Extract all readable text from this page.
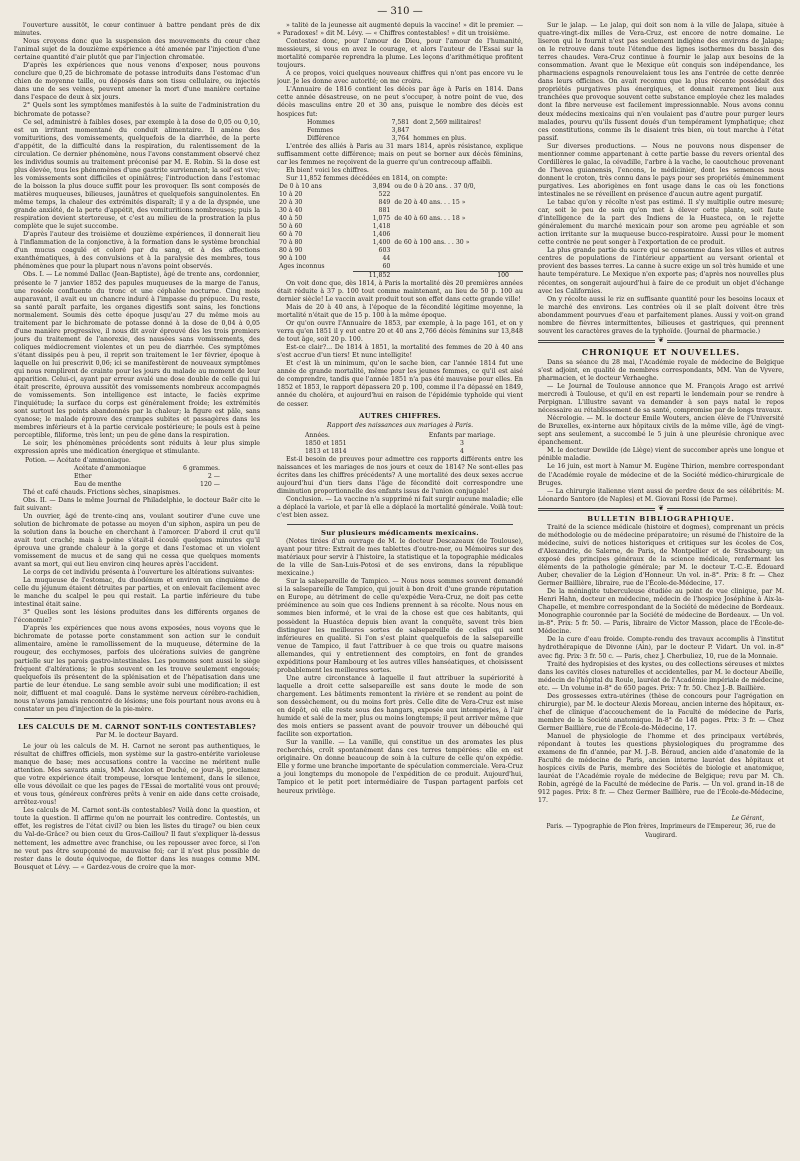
— 310 —

l'ouverture aussitôt, le cœur continuer à battre pendant près de dix minutes.

Nous croyons donc que la suspension des mouvements du cœur chez l'animal sujet de la douzième expérience a été amenée par l'injection d'une certaine quantité d'air plutôt que par l'injection chromatée.

D'après les expériences que nous venons d'exposer, nous pouvons conclure que 0,25 de bichromate de potasse introduits dans l'estomac d'un chien de moyenne taille, ou déposés dans son tissu cellulaire, ou injectés dans une de ses veines, peuvent amener la mort d'une manière certaine dans l'espace de deux à six jours.

2° Quels sont les symptômes manifestés à la suite de l'administration du bichromate de potasse?

Ce sel, administré à faibles doses, par exemple à la dose de 0,05 ou 0,10, est un irritant momentané du conduit alimentaire. Il amène des vomituritions, des vomissements, quelquefois de la diarrhée, de la perte d'appétit, de la difficulté dans la respiration, du ralentissement de la circulation. Ce dernier phénomène, nous l'avons constamment observé chez les individus soumis au traitement préconisé par M. E. Robin. Si la dose est plus élevée, tous les phénomènes d'une gastrite surviennent; la soif est vive; les vomissements sont difficiles et opiniâtres; l'introduction dans l'estomac de la boisson la plus douce suffit pour les provoquer. Ils sont composés de matières muqueuses, bilieuses, jaunâtres et quelquefois sanguinolentes. En même temps, la chaleur des extrémités disparaît; il y a de la dyspnée, une grande anxiété, de la perte d'appétit, des vomituritions nombreuses; puis la respiration devient stertoreuse, et c'est au milieu de la prostration la plus complète que le sujet succombe.

D'après l'auteur des troisième et douzième expériences, il donnerait lieu à l'inflammation de la conjonctive, à la formation dans le système bronchial d'un mucus coagulé et coloré par du sang, et à des affections exanthématiques, à des convulsions et à la paralysie des membres, tous phénomènes que pour la plupart nous n'avons point observés.

Obs. I. — Le nommé Dallac (Jean-Baptiste), âgé de trente ans, cordonnier, présente le 7 janvier 1852 des papules muqueuses de la marge de l'anus, une roséole confluente du tronc et une céphalée nocturne. Cinq mois auparavant, il avait eu un chancre induré à l'impasse du prépuce. Du reste, sa santé paraît parfaite, les organes digestifs sont sains, les fonctions normalement. Soumis dès cette époque jusqu'au 27 du même mois au traitement par le bichromate de potasse donné à la dose de 0,04 à 0,05 d'une manière progressive, il nous dit avoir éprouvé dès les trois premiers jours du traitement de l'anorexie, des nausées sans vomissements, des coliques médiocrement violentes et un peu de diarrhée. Ces symptômes s'étant dissipés peu à peu, il reprit son traitement le 1er février, époque à laquelle on lui prescrivit 0,06; ici se manifestèrent de nouveaux symptômes qui nous remplirent de crainte pour les jours du malade au moment de leur apparition. Celui-ci, ayant par erreur avalé une dose double de celle qui lui était prescrite, éprouva aussitôt des vomissements nombreux accompagnés de vomissements. Son intelligence est intacte, le faciès exprime l'inquiétude; la surface du corps est généralement froide; les extrémités sont surtout les points abandonnés par la chaleur; la figure est pâle, sans cyanose; le malade éprouve des crampes subites et passagères dans les membres inférieurs et à la partie cervicale postérieure; le pouls est à peine perceptible, filiforme, très lent; un peu de gêne dans la respiration.

Le soir, les phénomènes précédents sont réduits à leur plus simple expression après une médication énergique et stimulante.

Potion. — Acétate d'ammoniaque.	
Acétate d'ammoniaque	6 grammes.
Ether	2 —
Eau de menthe	120 —

Thé et café chauds. Frictions sèches, sinapismes.

Obs. II. — Dans le même Journal de Philadelphie, le docteur Baër cite le fait suivant:

Un ouvrier, âgé de trente-cinq ans, voulant soutirer d'une cuve une solution de bichromate de potasse au moyen d'un siphon, aspira un peu de la solution dans la bouche en cherchant à l'amorcer. D'abord il crut qu'il avait tout craché; mais à peine s'était-il écoulé quelques minutes qu'il éprouva une grande chaleur à la gorge et dans l'estomac et un violent vomissement de mucus et de sang qui ne cessa que quelques moments avant sa mort, qui eut lieu environ cinq heures après l'accident.

Le corps de cet individu présenta à l'ouverture les altérations suivantes:

La muqueuse de l'estomac, du duodénum et environ un cinquième de celle du jéjunum étaient détruites par parties, et on enlevait facilement avec le manche du scalpel le peu qui restait. La partie inférieure du tube intestinal était saine.

3° Quelles sont les lésions produites dans les différents organes de l'économie?

D'après les expériences que nous avons exposées, nous voyons que le bichromate de potasse porte constamment son action sur le conduit alimentaire, amène le ramollissement de la muqueuse, détermine de la rougeur, des ecchymoses, parfois des ulcérations suivies de gangrène partielle sur les parois gastro-intestinales. Les poumons sont aussi le siège fréquent d'altérations; le plus souvent on les trouve seulement engoués; quelquefois ils présentent de la splénisation et de l'hépatisation dans une partie de leur étendue. Le sang semble avoir subi une modification; il est noir, diffluent et mal coagulé. Dans le système nerveux cérébro-rachidien, nous n'avons jamais rencontré de lésions; une fois pourtant nous avons eu à constater un peu d'injection de la pie-mère.

LES CALCULS DE M. CARNOT SONT-ILS CONTESTABLES?
Par M. le docteur Bayard.

Le jour où les calculs de M. H. Carnot ne seront pas authentiques, le résultat de chiffres officiels, mon système sur la gastro-entérite varioleuse manque de base; mes accusations contre la vaccine ne méritent nulle attention. Mes savants amis, MM. Ancelon et Duché, ce jour-là, proclamez que votre expérience était trompeuse, lorsque lentement, dans le silence, elle vous dévoilait ce que les pages de l'Essai de mortalité vous ont prouvé; et vous tous, généreux confrères prêts à venir en aide dans cette croisade, arrêtez-vous!

Les calculs de M. Carnot sont-ils contestables? Voilà donc la question, et toute la question. Il affirme qu'on ne pourrait les contredire. Contestés, un effet, les registres de l'état civil? ou bien les listes du tirage? ou bien ceux du Val-de-Grâce? ou bien ceux du Gros-Caillou? Il faut s'expliquer là-dessus nettement, les admettre avec franchise, ou les repousser avec force, si l'on ne veut pas être soupçonné de mauvaise foi; car il n'est plus possible de rester dans le doute équivoque, de flotter dans les nuages comme MM. Bousquet et Lévy. — « Gardez-vous de croire que la mor-

» talité de la jeunesse ait augmenté depuis la vaccine! » dit le premier. — « Paradoxes! » dit M. Lévy. — « Chiffres contestables! » dit un troisième.

Contestez donc, pour l'amour de Dieu, pour l'amour de l'humanité, messieurs, si vous en avez le courage, et alors l'auteur de l'Essai sur la mortalité comparée reprendra la plume. Les leçons d'arithmétique profitent toujours.

A ce propos, voici quelques nouveaux chiffres qui n'ont pas encore vu le jour. Je les donne avec autorité; on me croira.

L'Annuaire de 1816 contient les décès par âge à Paris en 1814. Dans cette année désastreuse, on ne peut s'occuper, à notre point de vue, des décès masculins entre 20 et 30 ans, puisque le nombre des décès est hospices fut:

Hommes	7,581	dont 2,569 militaires!
Femmes	3,847	
Différence	3,764	hommes en plus.

L'entrée des alliés à Paris au 31 mars 1814, après résistance, explique suffisamment cette différence; mais on peut se borner aux décès féminins, car les femmes ne reçoivent de la guerre qu'un contrecoup affaibli.

Eh bien! voici les chiffres.

Sur 11,852 femmes décédées en 1814, on compte:

De 0 à 10 ans	3,894	ou de 0 à 20 ans. . 37 0/0,
10 à 20	522	
20 à 30	849	de 20 à 40 ans. . . 15 »
30 à 40	881	
40 à 50	1,075	de 40 à 60 ans. . . 18 »
50 à 60	1,418	
60 à 70	1,406	
70 à 80	1,400	de 60 à 100 ans. . . 30 »
80 à 90	603	
90 à 100	44	
Ages inconnus	60	
	11,852	100

On voit donc que, dès 1814, à Paris la mortalité dès 20 premières années était réduite à 37 p. 100 tout comme maintenant, au lieu de 50 p. 100 au dernier siècle! Le vaccin avait produit tout son effet dans cette grande ville!

Mais de 20 à 40 ans, à l'époque de la fécondité légitime moyenne, la mortalité n'était que de 15 p. 100 à la même époque.

Or qu'on ouvre l'Annuaire de 1853, par exemple, à la page 161, et on y verra qu'en 1851 il y eut entre 20 et 40 ans 2,766 décès féminins sur 13,848 de tout âge, soit 20 p. 100.

Est-ce clair?... De 1814 à 1851, la mortalité des femmes de 20 à 40 ans s'est accrue d'un tiers! Et nunc intelligite!

Et c'est là un minimum, qu'on le sache bien, car l'année 1814 fut une année de grande mortalité, même pour les jeunes femmes, ce qu'il est aisé de comprendre, tandis que l'année 1851 n'a pas été mauvaise pour elles. En 1852 et 1853, le rapport dépassera 20 p. 100, comme il l'a dépassé en 1849, année du choléra, et aujourd'hui en raison de l'épidémie typhoïde qui vient de cesser.

AUTRES CHIFFRES.
Rapport des naissances aux mariages à Paris.
Années.	Enfants par mariage.
1850 et 1851	3
1813 et 1814	4

Est-il besoin de preuves pour admettre ces rapports différents entre les naissances et les mariages de nos jours et ceux de 1814? Ne sont-elles pas écrites dans les chiffres précédents? A une mortalité des deux sexes accrue aujourd'hui d'un tiers dans l'âge de fécondité doit correspondre une diminution proportionnelle des enfants issus de l'union conjugale!

Conclusion. — La vaccine n'a supprimé ni fait surgir aucune maladie; elle a déplacé la variole, et par là elle a déplacé la mortalité générale. Voilà tout: c'est bien assez.

Sur plusieurs médicaments mexicains.

(Notes tirées d'un ouvrage de M. le docteur Descazeaux (de Toulouse), ayant pour titre: Extrait de mes tablettes d'outre-mer, ou Mémoires sur des matériaux pour servir à l'histoire, la statistique et la topographie médicales de la ville de San-Luis-Potosi et de ses environs, dans la république mexicaine.)

Sur la salsepareille de Tampico. — Nous nous sommes souvent demandé si la salsepareille de Tampico, qui jouit à bon droit d'une grande réputation en Europe, au détriment de celle qu'expédie Vera-Cruz, ne doit pas cette prééminence au soin que ces Indiens prennent à sa récolte. Nous nous en sommes bien informé, et le vrai de la chose est que ces habitants, qui possèdent la Huastéca depuis bien avant la conquête, savent très bien distinguer les meilleures sortes de salsepareille de celles qui sont inférieures en qualité. Si l'on s'est plaint quelquefois de la salsepareille venue de Tampico, il faut l'attribuer à ce que trois ou quatre maisons allemandes, qui y entretiennent des comptoirs, en font de grandes expéditions pour Hambourg et les autres villes hanséatiques, et choisissent probablement les meilleures sortes.

Une autre circonstance à laquelle il faut attribuer la supériorité à laquelle a droit cette salsepareille est sans doute le mode de son chargement. Les bâtiments remontent la rivière et se rendent au point de son dessèchement, ou du moins fort près. Celle dite de Vera-Cruz est mise en dépôt, où elle reste sous des hangars, exposée aux intempéries, à l'air humide et salé de la mer, plus ou moins longtemps; il peut arriver même que des mois entiers se passent avant de pouvoir trouver un débouché qui facilite son exportation.

Sur la vanille. — La vanille, qui constitue un des aromates les plus recherchés, croît spontanément dans ces terres tempérées: elle en est originaire. On donne beaucoup de soin à la culture de celle qu'on expédie. Elle y forme une branche importante de spéculation commerciale. Vera-Cruz a joui longtemps du monopole de l'expédition de ce produit. Aujourd'hui, Tampico et le petit port intermédiaire de Tuspan partagent parfois cet heureux privilège.

Sur le jalap. — Le jalap, qui doit son nom à la ville de Jalapa, située à quatre-vingt-dix milles de Vera-Cruz, est encore de notre domaine. Le liseron qui le fournit n'est pas seulement indigène des environs de Jalapa; on le retrouve dans toute l'étendue des lignes isothermes du bassin des terres chaudes. Vera-Cruz continue à fournir le jalap aux besoins de la consommation. Avant que le Mexique eût conquis son indépendance, les pharmaciens espagnols renouvelaient tous les ans l'entrée de cette denrée dans leurs officines. On avait reconnu que la plus récente possédait des propriétés purgatives plus énergiques, et donnait rarement lieu aux tranchées que provoque souvent cette substance employée chez les malades dont la fibre nerveuse est facilement impressionnable. Nous avons connu deux médecins mexicains qui n'en voulaient pas d'autre pour purger leurs malades, pourvu qu'ils fussent doués d'un tempérament lymphatique; chez ces constitutions, comme ils le disaient très bien, où tout marche à l'état passif.

Sur diverses productions. — Nous ne pouvons nous dispenser de mentionner comme appartenant à cette partie basse du revers oriental des Cordillères le galac, la cévadille, l'arbre à la vache, le caoutchouc provenant de l'hevea guianensis, l'encens, le médicinier, dont les semences nous donnent le croton, très connu dans le pays pour ses propriétés éminemment purgatives. Les aborigènes en font usage dans le cas où les fonctions intestinales ne se réveillent en présence d'aucun autre agent purgatif.

Le tabac qu'on y récolte n'est pas estimé. Il s'y multiplie outre mesure; car, soit le peu de soin qu'on met à élever cette plante, soit faute d'intelligence de la part des Indiens de la Huasteca, on le rejette généralement du marché mexicain pour son arome peu agréable et son action irritante sur la muqueuse bucco-respiratoire. Aussi pour le moment cette contrée ne peut songer à l'exportation de ce produit.

La plus grande partie du sucre qui se consomme dans les villes et autres centres de populations de l'intérieur appartient au versant oriental et provient des basses terres. La canne à sucre exige un sol très humide et une haute température. Le Mexique n'en exporte pas; d'après nos nouvelles plus récentes, on songerait aujourd'hui à faire de ce produit un objet d'échange avec les Californies.

On y récolte aussi le riz en suffisante quantité pour les besoins locaux et le marché des environs. Les contrées où il se plaît doivent être très abondamment pourvues d'eau et parfaitement planes. Aussi y voit-on grand nombre de fièvres intermittentes, bilieuses et gastriques, qui prennent souvent les caractères graves de la typhoïde. (Journal de pharmacie.)

❦
CHRONIQUE ET NOUVELLES.

Dans sa séance du 28 mai, l'Académie royale de médecine de Belgique s'est adjoint, en qualité de membres correspondants, MM. Van de Vyvere, pharmacien, et le docteur Verhaeghe.

— Le Journal de Toulouse annonce que M. François Arago est arrivé mercredi à Toulouse, et qu'il en est reparti le lendemain pour se rendre à Perpignan. L'illustre savant va demander à son pays natal le repos nécessaire au rétablissement de sa santé, compromise par de longs travaux.

Nécrologie. — M. le docteur Emile Wouters, ancien élève de l'Université de Bruxelles, ex-interne aux hôpitaux civils de la même ville, âgé de vingt-sept ans seulement, a succombé le 5 juin à une pleurésie chronique avec épanchement.

M. le docteur Dewilde (de Liège) vient de succomber après une longue et pénible maladie.

Le 16 juin, est mort à Namur M. Eugène Thirion, membre correspondant de l'Académie royale de médecine et de la Société médico-chirurgicale de Bruges.

— La chirurgie italienne vient aussi de perdre deux de ses célébrités: M. Léonardo Santoro (de Naples) et M. Giovani Rossi (de Parme).

❦
BULLETIN BIBLIOGRAPHIQUE.

Traité de la science médicale (histoire et dogmes), comprenant un précis de méthodologie ou de médecine préparatoire; un résumé de l'histoire de la médecine, suivi de notices historiques et critiques sur les écoles de Cos, d'Alexandrie, de Salerne, de Paris, de Montpellier et de Strasbourg; un exposé des principes généraux de la science médicale, renfermant les éléments de la pathologie générale; par M. le docteur T.-C.-E. Édouard Auber, chevalier de la Légion d'Honneur. Un vol. in-8°. Prix: 8 fr. — Chez Germer Baillière, libraire, rue de l'École-de-Médecine, 17.

De la méningite tuberculeuse étudiée au point de vue clinique, par M. Henri Hahn, docteur en médecine, médecin de l'hospice Joséphine à Aix-la-Chapelle, et membre correspondant de la Société de médecine de Bordeaux. Monographie couronnée par la Société de médecine de Bordeaux. — Un vol. in-8°. Prix: 5 fr. 50. — Paris, libraire de Victor Masson, place de l'École-de-Médecine.

De la cure d'eau froide. Compte-rendu des travaux accomplis à l'institut hydrothérapique de Divonne (Ain), par le docteur P. Vidart. Un vol. in-8° avec fig. Prix: 3 fr. 50 c. — Paris, chez J. Cherbuliez, 10, rue de la Monnaie.

Traité des hydropisies et des kystes, ou des collections séreuses et mixtes dans les cavités closes naturelles et accidentelles, par M. le docteur Abeille, médecin de l'hôpital du Roule, lauréat de l'Académie impériale de médecine, etc. — Un volume in-8° de 650 pages. Prix: 7 fr. 50. Chez J.-B. Baillière.

Des grossesses extra-utérines (thèse de concours pour l'agrégation en chirurgie), par M. le docteur Alexis Moreau, ancien interne des hôpitaux, ex-chef de clinique d'accouchement de la Faculté de médecine de Paris, membre de la Société anatomique. In-8° de 148 pages. Prix: 3 fr. — Chez Germer Baillière, rue de l'École-de-Médecine, 17.

Manuel de physiologie de l'homme et des principaux vertébrés, répondant à toutes les questions physiologiques du programme des examens de fin d'année, par M. J.-B. Béraud, ancien aide d'anatomie de la Faculté de médecine de Paris, ancien interne lauréat des hôpitaux et hospices civils de Paris, membre des Sociétés de biologie et anatomique, lauréat de l'Académie royale de médecine de Belgique; revu par M. Ch. Robin, agrégé de la Faculté de médecine de Paris. — Un vol. grand in-18 de 912 pages. Prix: 8 fr. — Chez Germer Baillière, rue de l'École-de-Médecine, 17.

Le Gérant,
Paris. — Typographie de Plon frères, Imprimeurs de l'Empereur, 36, rue de Vaugirard.
